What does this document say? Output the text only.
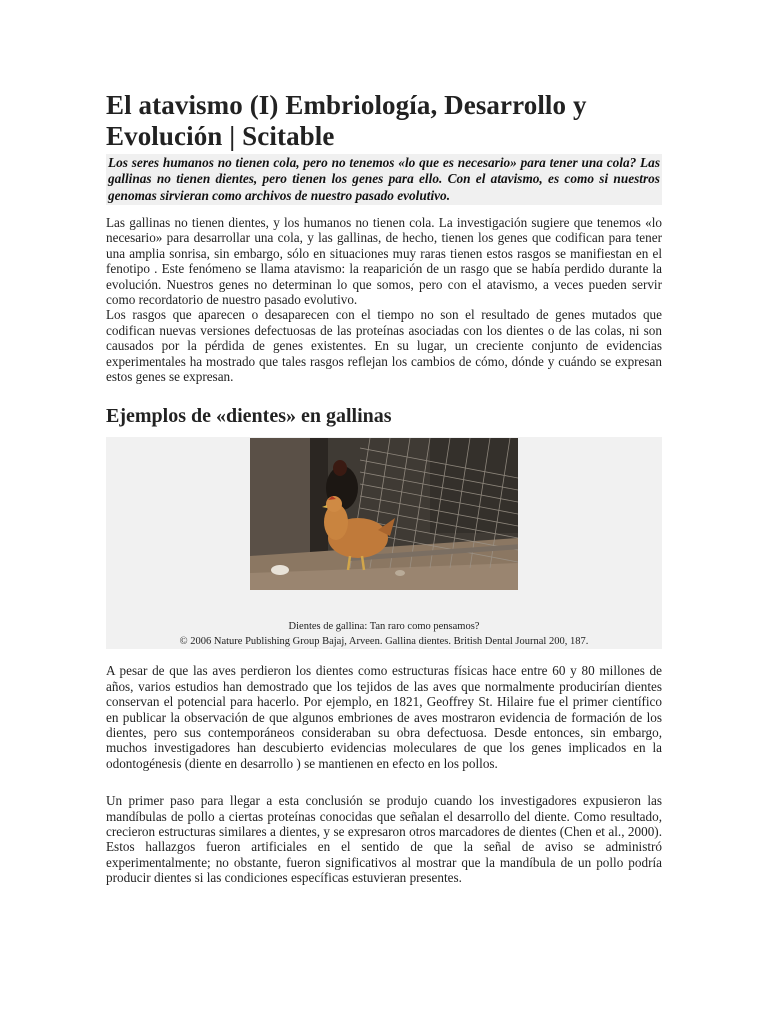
El atavismo (I) Embriología, Desarrollo y Evolución | Scitable

Los seres humanos no tienen cola, pero no tenemos «lo que es necesario» para tener una cola? Las gallinas no tienen dientes, pero tienen los genes para ello. Con el atavismo, es como si nuestros genomas sirvieran como archivos de nuestro pasado evolutivo.

Las gallinas no tienen dientes, y los humanos no tienen cola. La investigación sugiere que tenemos «lo necesario» para desarrollar una cola, y las gallinas, de hecho, tienen los genes que codifican para tener una amplia sonrisa, sin embargo, sólo en situaciones muy raras tienen estos rasgos se manifiestan en el fenotipo . Este fenómeno se llama atavismo: la reaparición de un rasgo que se había perdido durante la evolución. Nuestros genes no determinan lo que somos, pero con el atavismo, a veces pueden servir como recordatorio de nuestro pasado evolutivo.

Los rasgos que aparecen o desaparecen con el tiempo no son el resultado de genes mutados que codifican nuevas versiones defectuosas de las proteínas asociadas con los dientes o de las colas, ni son causados por la pérdida de genes existentes. En su lugar, un creciente conjunto de evidencias experimentales ha mostrado que tales rasgos reflejan los cambios de cómo, dónde y cuándo se expresan estos genes se expresan.

Ejemplos de «dientes» en gallinas
Dientes de gallina: Tan raro como pensamos?
© 2006 Nature Publishing Group Bajaj, Arveen. Gallina dientes. British Dental Journal 200, 187.

A pesar de que las aves perdieron los dientes como estructuras físicas hace entre 60 y 80 millones de años, varios estudios han demostrado que los tejidos de las aves que normalmente producirían dientes conservan el potencial para hacerlo. Por ejemplo, en 1821, Geoffrey St. Hilaire fue el primer científico en publicar la observación de que algunos embriones de aves mostraron evidencia de formación de los dientes, pero sus contemporáneos consideraban su obra defectuosa. Desde entonces, sin embargo, muchos investigadores han descubierto evidencias moleculares de que los genes implicados en la odontogénesis (diente en desarrollo ) se mantienen en efecto en los pollos.

Un primer paso para llegar a esta conclusión se produjo cuando los investigadores expusieron las mandíbulas de pollo a ciertas proteínas conocidas que señalan el desarrollo del diente. Como resultado, crecieron estructuras similares a dientes, y se expresaron otros marcadores de dientes (Chen et al., 2000). Estos hallazgos fueron artificiales en el sentido de que la señal de aviso se administró experimentalmente; no obstante, fueron significativos al mostrar que la mandíbula de un pollo podría producir dientes si las condiciones específicas estuvieran presentes.
